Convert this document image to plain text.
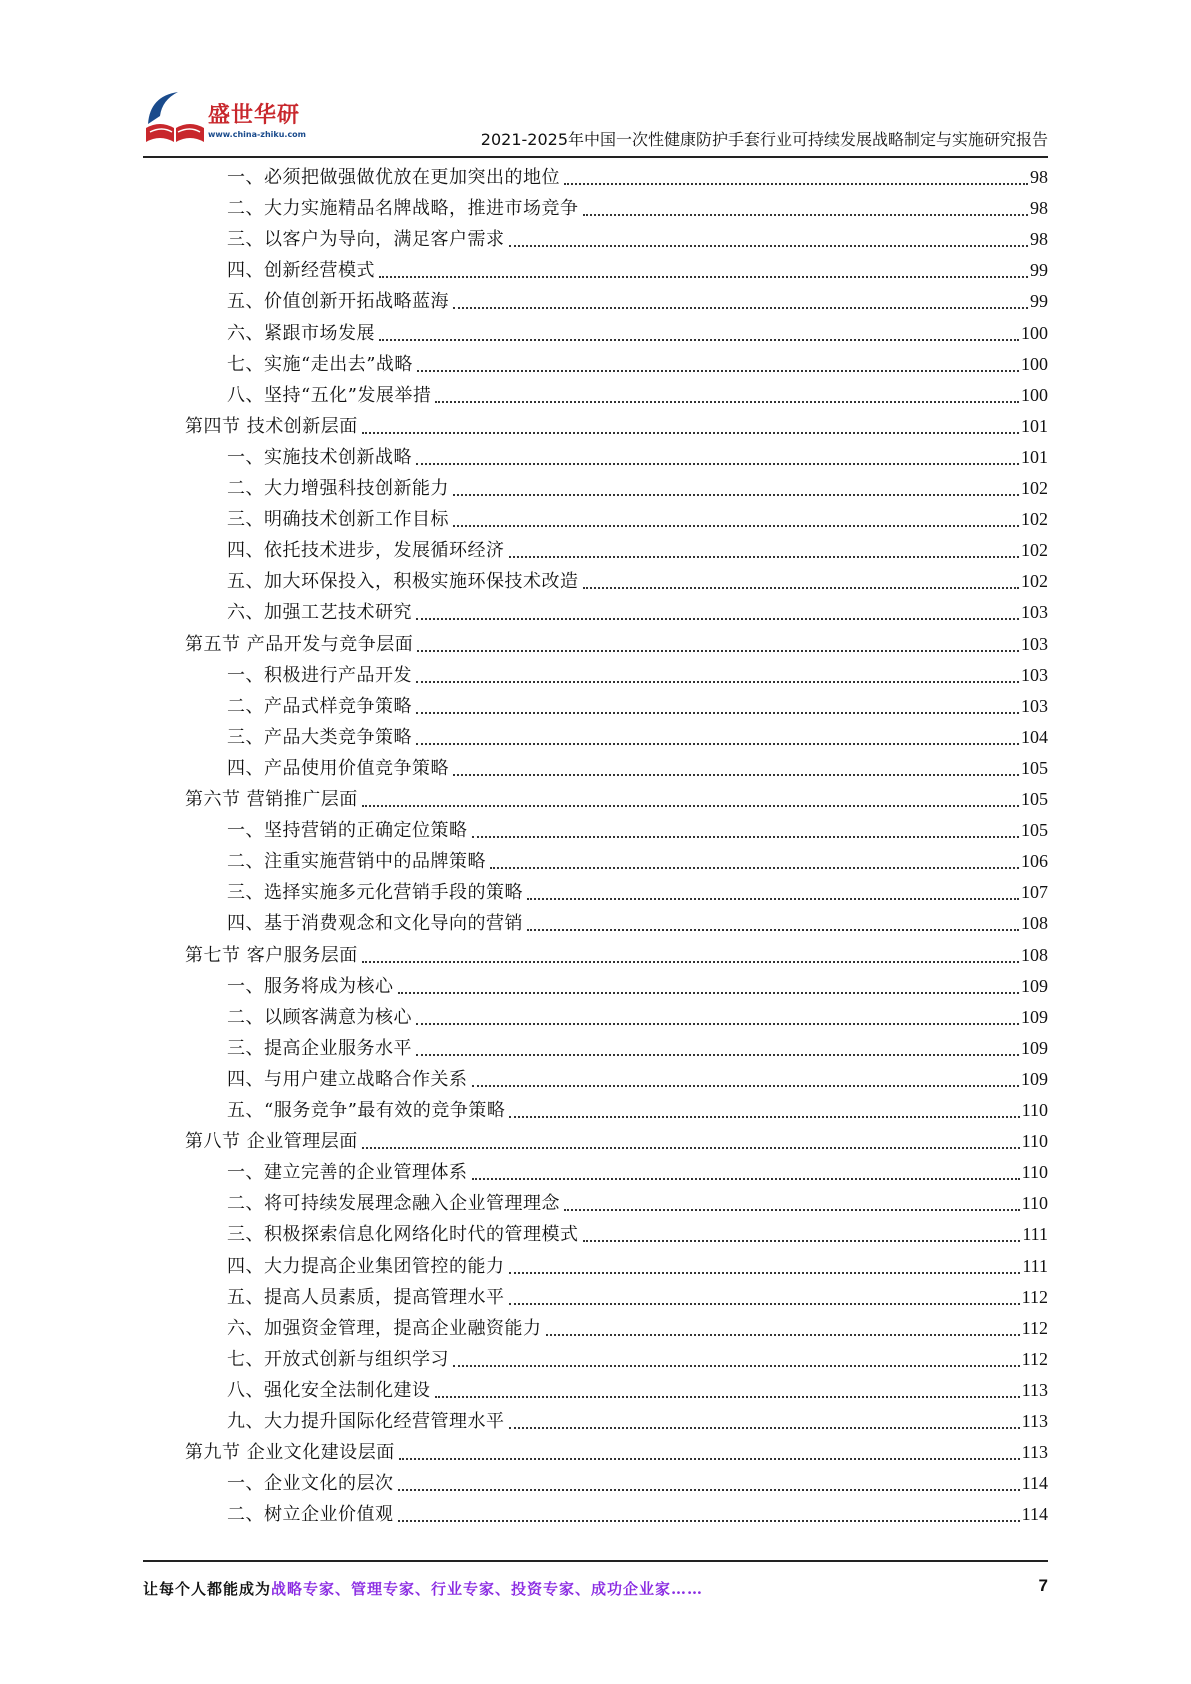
盛世华研
www.china-zhiku.com	2021-2025年中国一次性健康防护手套行业可持续发展战略制定与实施研究报告
一、必须把做强做优放在更加突出的地位	98
二、大力实施精品名牌战略，推进市场竞争	98
三、以客户为导向，满足客户需求	98
四、创新经营模式	99
五、价值创新开拓战略蓝海	99
六、紧跟市场发展	100
七、实施“走出去”战略	100
八、坚持“五化”发展举措	100
第四节 技术创新层面	101
一、实施技术创新战略	101
二、大力增强科技创新能力	102
三、明确技术创新工作目标	102
四、依托技术进步，发展循环经济	102
五、加大环保投入，积极实施环保技术改造	102
六、加强工艺技术研究	103
第五节 产品开发与竞争层面	103
一、积极进行产品开发	103
二、产品式样竞争策略	103
三、产品大类竞争策略	104
四、产品使用价值竞争策略	105
第六节 营销推广层面	105
一、坚持营销的正确定位策略	105
二、注重实施营销中的品牌策略	106
三、选择实施多元化营销手段的策略	107
四、基于消费观念和文化导向的营销	108
第七节 客户服务层面	108
一、服务将成为核心	109
二、以顾客满意为核心	109
三、提高企业服务水平	109
四、与用户建立战略合作关系	109
五、“服务竞争”最有效的竞争策略	110
第八节 企业管理层面	110
一、建立完善的企业管理体系	110
二、将可持续发展理念融入企业管理理念	110
三、积极探索信息化网络化时代的管理模式	111
四、大力提高企业集团管控的能力	111
五、提高人员素质，提高管理水平	112
六、加强资金管理，提高企业融资能力	112
七、开放式创新与组织学习	112
八、强化安全法制化建设	113
九、大力提升国际化经营管理水平	113
第九节 企业文化建设层面	113
一、企业文化的层次	114
二、树立企业价值观	114
让每个人都能成为战略专家、管理专家、行业专家、投资专家、成功企业家……	7
